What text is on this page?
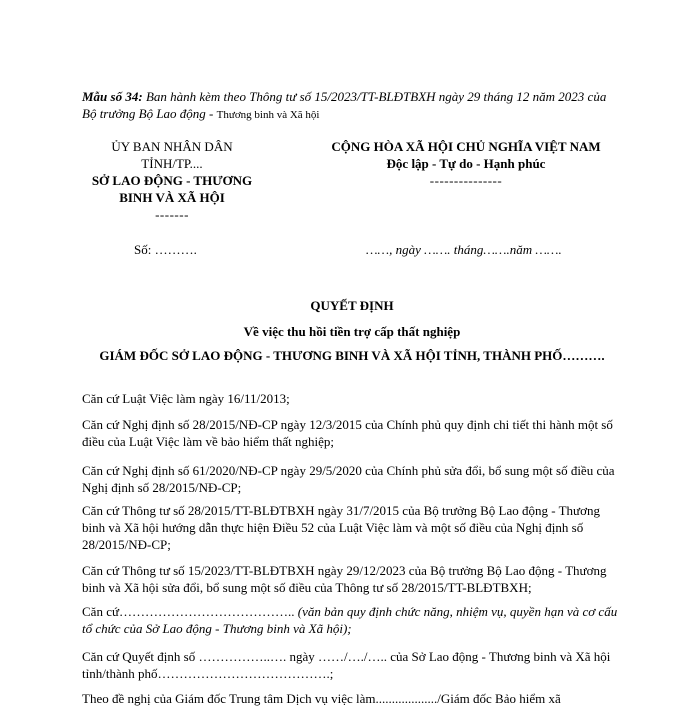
Mẫu số 34: Ban hành kèm theo Thông tư số 15/2023/TT-BLĐTBXH ngày 29 tháng 12 năm 2023 của Bộ trưởng Bộ Lao động - Thương binh và Xã hội
ỦY BAN NHÂN DÂN
TỈNH/TP....
SỞ LAO ĐỘNG - THƯƠNG BINH VÀ XÃ HỘI
-------
CỘNG HÒA XÃ HỘI CHỦ NGHĨA VIỆT NAM
Độc lập - Tự do - Hạnh phúc
---------------
Số: ……….	……, ngày ……. tháng…….năm …….
QUYẾT ĐỊNH
Về việc thu hồi tiền trợ cấp thất nghiệp
GIÁM ĐỐC SỞ LAO ĐỘNG - THƯƠNG BINH VÀ XÃ HỘI TỈNH, THÀNH PHỐ……….
Căn cứ Luật Việc làm ngày 16/11/2013;
Căn cứ Nghị định số 28/2015/NĐ-CP ngày 12/3/2015 của Chính phủ quy định chi tiết thi hành một số điều của Luật Việc làm về bảo hiểm thất nghiệp;
Căn cứ Nghị định số 61/2020/NĐ-CP ngày 29/5/2020 của Chính phủ sửa đổi, bổ sung một số điều của Nghị định số 28/2015/NĐ-CP;
Căn cứ Thông tư số 28/2015/TT-BLĐTBXH ngày 31/7/2015 của Bộ trưởng Bộ Lao động - Thương binh và Xã hội hướng dẫn thực hiện Điều 52 của Luật Việc làm và một số điều của Nghị định số 28/2015/NĐ-CP;
Căn cứ Thông tư số 15/2023/TT-BLĐTBXH ngày 29/12/2023 của Bộ trưởng Bộ Lao động - Thương binh và Xã hội sửa đổi, bổ sung một số điều của Thông tư số 28/2015/TT-BLĐTBXH;
Căn cứ………………………………….. (văn bản quy định chức năng, nhiệm vụ, quyền hạn và cơ cấu tổ chức của Sở Lao động - Thương binh và Xã hội);
Căn cứ Quyết định số ……………..…. ngày ……/…./….. của Sở Lao động - Thương binh và Xã hội tỉnh/thành phố………………………………….;
Theo đề nghị của Giám đốc Trung tâm Dịch vụ việc làm.................../Giám đốc Bảo hiểm xã
